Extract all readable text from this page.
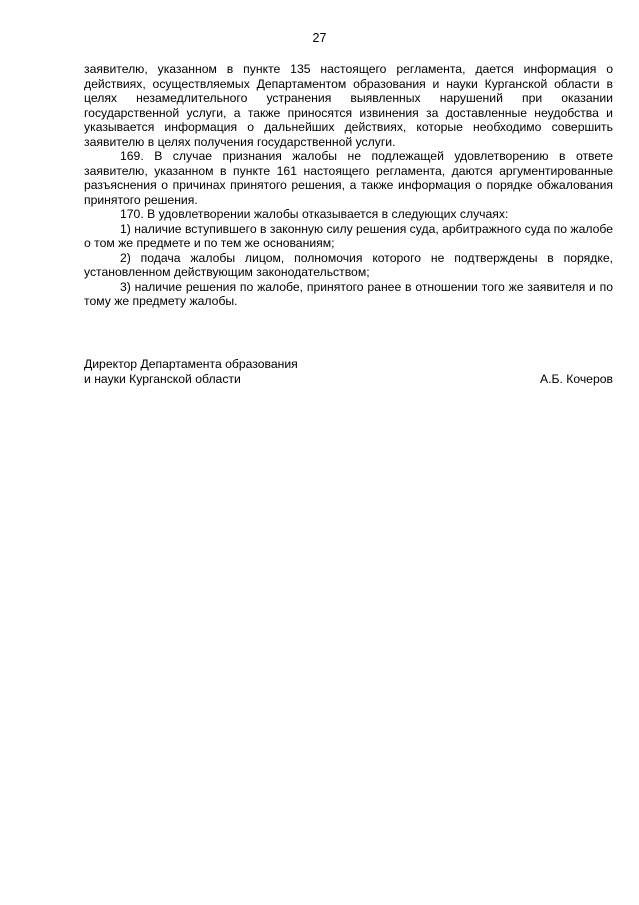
27

заявителю, указанном в пункте 135 настоящего регламента, дается информация о действиях, осуществляемых Департаментом образования и науки Курганской области в целях незамедлительного устранения выявленных нарушений при оказании государственной услуги, а также приносятся извинения за доставленные неудобства и указывается информация о дальнейших действиях, которые необходимо совершить заявителю в целях получения государственной услуги.

169. В случае признания жалобы не подлежащей удовлетворению в ответе заявителю, указанном в пункте 161 настоящего регламента, даются аргументированные разъяснения о причинах принятого решения, а также информация о порядке обжалования принятого решения.

170. В удовлетворении жалобы отказывается в следующих случаях:

1) наличие вступившего в законную силу решения суда, арбитражного суда по жалобе о том же предмете и по тем же основаниям;

2) подача жалобы лицом, полномочия которого не подтверждены в порядке, установленном действующим законодательством;

3) наличие решения по жалобе, принятого ранее в отношении того же заявителя и по тому же предмету жалобы.

Директор Департамента образования
и науки Курганской области	А.Б. Кочеров
